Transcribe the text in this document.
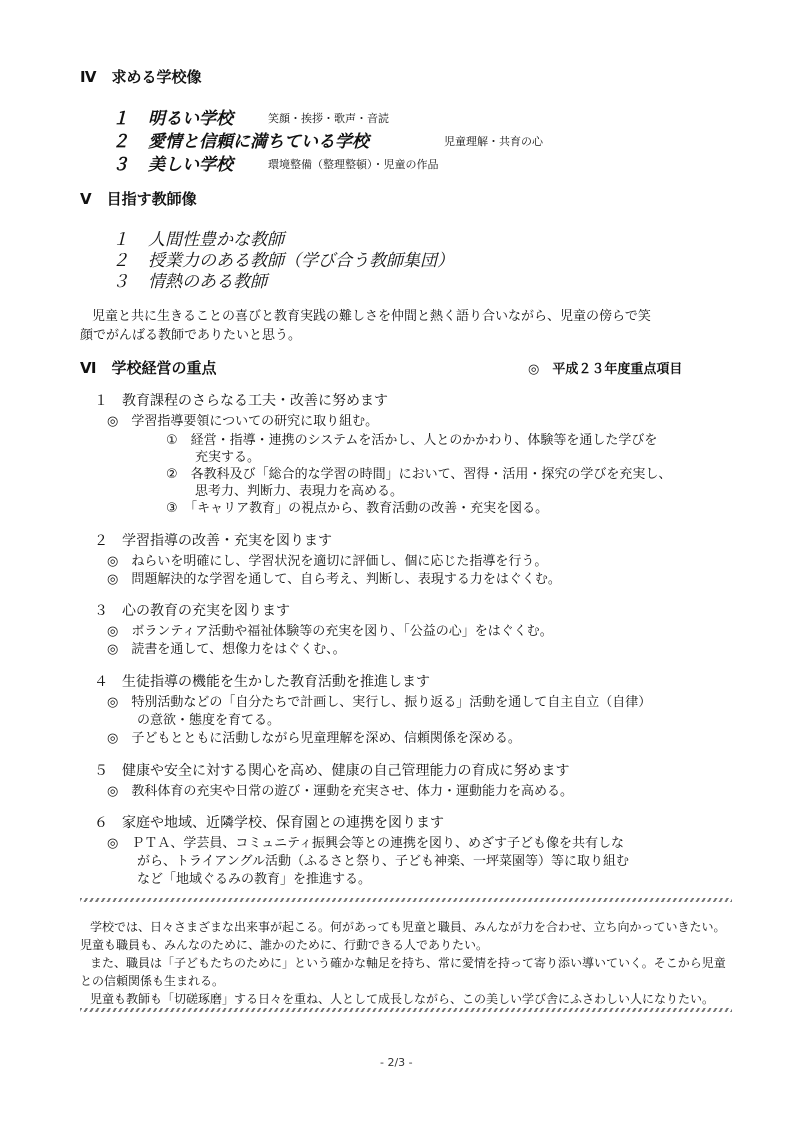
Ⅳ　求める学校像
１ 明るい学校	笑顔・挨拶・歌声・音読
２ 愛情と信頼に満ちている学校	児童理解・共育の心
３ 美しい学校	環境整備（整理整頓）・児童の作品
Ⅴ　目指す教師像
１ 人間性豊かな教師
２ 授業力のある教師（学び合う教師集団）
３ 情熱のある教師
児童と共に生きることの喜びと教育実践の難しさを仲間と熱く語り合いながら、児童の傍らで笑
顔でがんばる教師でありたいと思う。
Ⅵ　学校経営の重点	◎　平成２３年度重点項目
１ 教育課程のさらなる工夫・改善に努めます
◎　学習指導要領についての研究に取り組む。
①　経営・指導・連携のシステムを活かし、人とのかかわり、体験等を通した学びを
充実する。
②　各教科及び「総合的な学習の時間」において、習得・活用・探究の学びを充実し、
思考力、判断力、表現力を高める。
③　「キャリア教育」の視点から、教育活動の改善・充実を図る。
２ 学習指導の改善・充実を図ります
◎　ねらいを明確にし、学習状況を適切に評価し、個に応じた指導を行う。
◎　問題解決的な学習を通して、自ら考え、判断し、表現する力をはぐくむ。
３ 心の教育の充実を図ります
◎　ボランティア活動や福祉体験等の充実を図り、「公益の心」をはぐくむ。
◎　読書を通して、想像力をはぐくむ、。
４ 生徒指導の機能を生かした教育活動を推進します
◎　特別活動などの「自分たちで計画し、実行し、振り返る」活動を通して自主自立（自律）
の意欲・態度を育てる。
◎　子どもとともに活動しながら児童理解を深め、信頼関係を深める。
５ 健康や安全に対する関心を高め、健康の自己管理能力の育成に努めます
◎　教科体育の充実や日常の遊び・運動を充実させ、体力・運動能力を高める。
６ 家庭や地域、近隣学校、保育園との連携を図ります
◎　ＰＴＡ、学芸員、コミュニティ振興会等との連携を図り、めざす子ども像を共有しな
がら、トライアングル活動（ふるさと祭り、子ども神楽、一坪菜園等）等に取り組む
など「地域ぐるみの教育」を推進する。
学校では、日々さまざまな出来事が起こる。何があっても児童と職員、みんなが力を合わせ、立ち向かっていきたい。
児童も職員も、みんなのために、誰かのために、行動できる人でありたい。
また、職員は「子どもたちのために」という確かな軸足を持ち、常に愛情を持って寄り添い導いていく。そこから児童
との信頼関係も生まれる。
児童も教師も「切磋琢磨」する日々を重ね、人として成長しながら、この美しい学び舎にふさわしい人になりたい。
- 2/3 -
